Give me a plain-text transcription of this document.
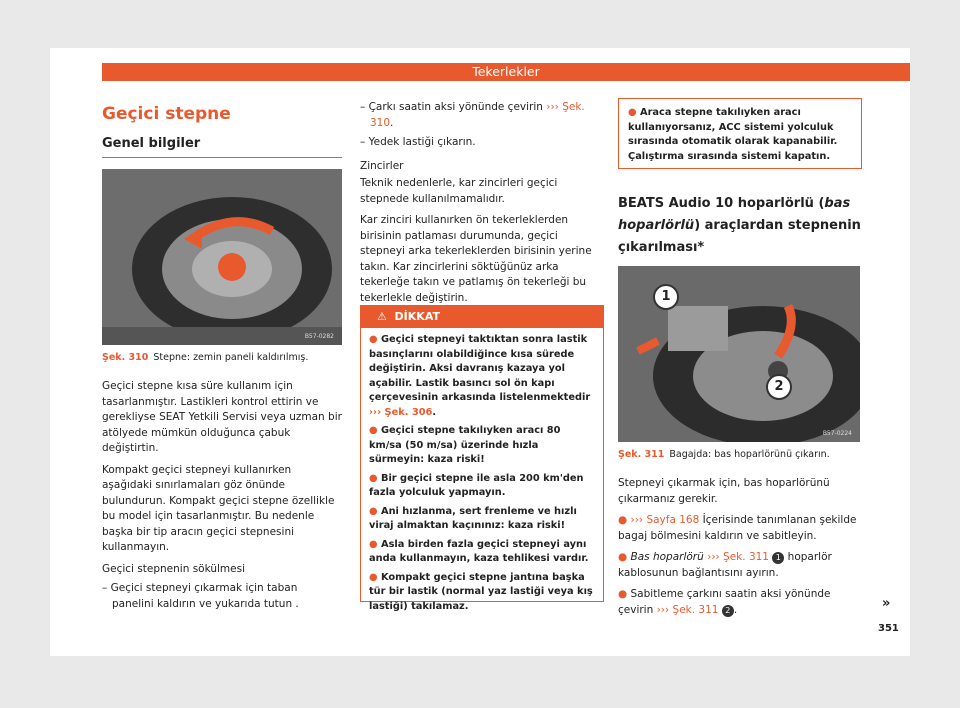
Tekerlekler
Geçici stepne
Genel bilgiler
B57-0282
Şek. 310 Stepne: zemin paneli kaldırılmış.

Geçici stepne kısa süre kullanım için tasarlanmıştır. Lastikleri kontrol ettirin ve gerekliyse SEAT Yetkili Servisi veya uzman bir atölyede mümkün olduğunca çabuk değiştirtin.

Kompakt geçici stepneyi kullanırken aşağıdaki sınırlamaları göz önünde bulundurun. Kompakt geçici stepne özellikle bu model için tasarlanmıştır. Bu nedenle başka bir tip aracın geçici stepnesini kullanmayın.

Geçici stepnenin sökülmesi

– Geçici stepneyi çıkarmak için taban panelini kaldırın ve yukarıda tutun .

– Çarkı saatin aksi yönünde çevirin ››› Şek. 310.

– Yedek lastiği çıkarın.

Zincirler

Teknik nedenlerle, kar zincirleri geçici stepnede kullanılmamalıdır.

Kar zinciri kullanırken ön tekerleklerden birisinin patlaması durumunda, geçici stepneyi arka tekerleklerden birisinin yerine takın. Kar zincirlerini söktüğünüz arka tekerleğe takın ve patlamış ön tekerleği bu tekerlekle değiştirin.

⚠ DİKKAT
● Geçici stepneyi taktıktan sonra lastik basınçlarını olabildiğince kısa sürede değiştirin. Aksi davranış kazaya yol açabilir. Lastik basıncı sol ön kapı çerçevesinin arkasında listelenmektedir ››› Şek. 306.
● Geçici stepne takılıyken aracı 80 km/sa (50 m/sa) üzerinde hızla sürmeyin: kaza riski!
● Bir geçici stepne ile asla 200 km'den fazla yolculuk yapmayın.
● Ani hızlanma, sert frenleme ve hızlı viraj almaktan kaçınınız: kaza riski!
● Asla birden fazla geçici stepneyi aynı anda kullanmayın, kaza tehlikesi vardır.
● Kompakt geçici stepne jantına başka tür bir lastik (normal yaz lastiği veya kış lastiği) takılamaz.
● Araca stepne takılıyken aracı kullanıyorsanız, ACC sistemi yolculuk sırasında otomatik olarak kapanabilir. Çalıştırma sırasında sistemi kapatın.
BEATS Audio 10 hoparlörlü (bas hoparlörlü) araçlardan stepnenin çıkarılması*
1
2
B57-0224
Şek. 311 Bagajda: bas hoparlörünü çıkarın.

Stepneyi çıkarmak için, bas hoparlörünü çıkarmanız gerekir.

● ››› Sayfa 168 İçerisinde tanımlanan şekilde bagaj bölmesini kaldırın ve sabitleyin.

● Bas hoparlörü ››› Şek. 311 1 hoparlör kablosunun bağlantısını ayırın.

● Sabitleme çarkını saatin aksi yönünde çevirin ››› Şek. 311 2 .	»
351
